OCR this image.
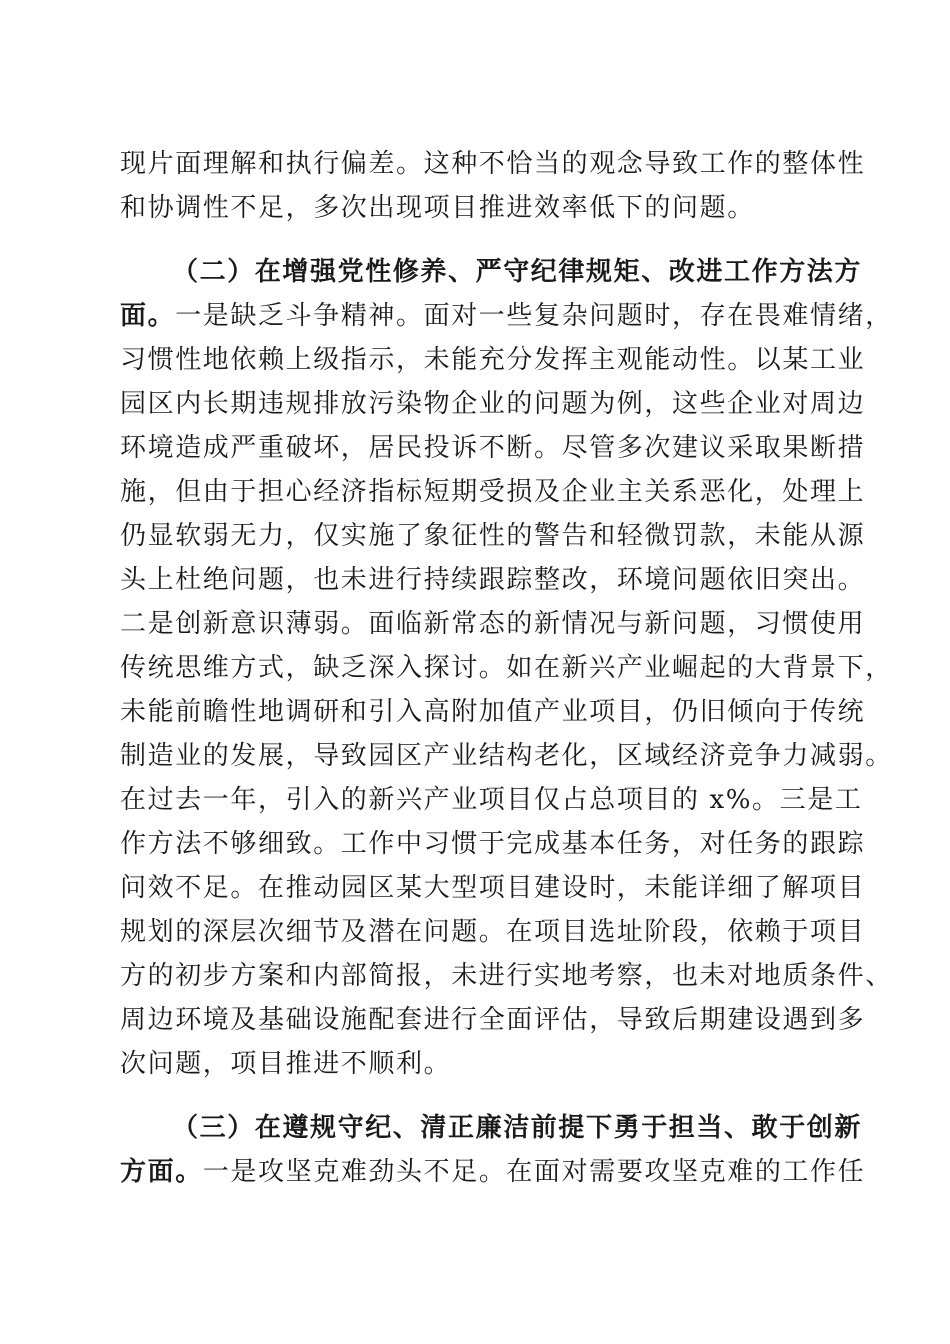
现片面理解和执行偏差。这种不恰当的观念导致工作的整体性
和协调性不足，多次出现项目推进效率低下的问题。
（二）在增强党性修养、严守纪律规矩、改进工作方法方
面。一是缺乏斗争精神。面对一些复杂问题时，存在畏难情绪，
习惯性地依赖上级指示，未能充分发挥主观能动性。以某工业
园区内长期违规排放污染物企业的问题为例，这些企业对周边
环境造成严重破坏，居民投诉不断。尽管多次建议采取果断措
施，但由于担心经济指标短期受损及企业主关系恶化，处理上
仍显软弱无力，仅实施了象征性的警告和轻微罚款，未能从源
头上杜绝问题，也未进行持续跟踪整改，环境问题依旧突出。
二是创新意识薄弱。面临新常态的新情况与新问题，习惯使用
传统思维方式，缺乏深入探讨。如在新兴产业崛起的大背景下，
未能前瞻性地调研和引入高附加值产业项目，仍旧倾向于传统
制造业的发展，导致园区产业结构老化，区域经济竞争力减弱。
在过去一年，引入的新兴产业项目仅占总项目的 x%。三是工
作方法不够细致。工作中习惯于完成基本任务，对任务的跟踪
问效不足。在推动园区某大型项目建设时，未能详细了解项目
规划的深层次细节及潜在问题。在项目选址阶段，依赖于项目
方的初步方案和内部简报，未进行实地考察，也未对地质条件、
周边环境及基础设施配套进行全面评估，导致后期建设遇到多
次问题，项目推进不顺利。
（三）在遵规守纪、清正廉洁前提下勇于担当、敢于创新
方面。一是攻坚克难劲头不足。在面对需要攻坚克难的工作任
